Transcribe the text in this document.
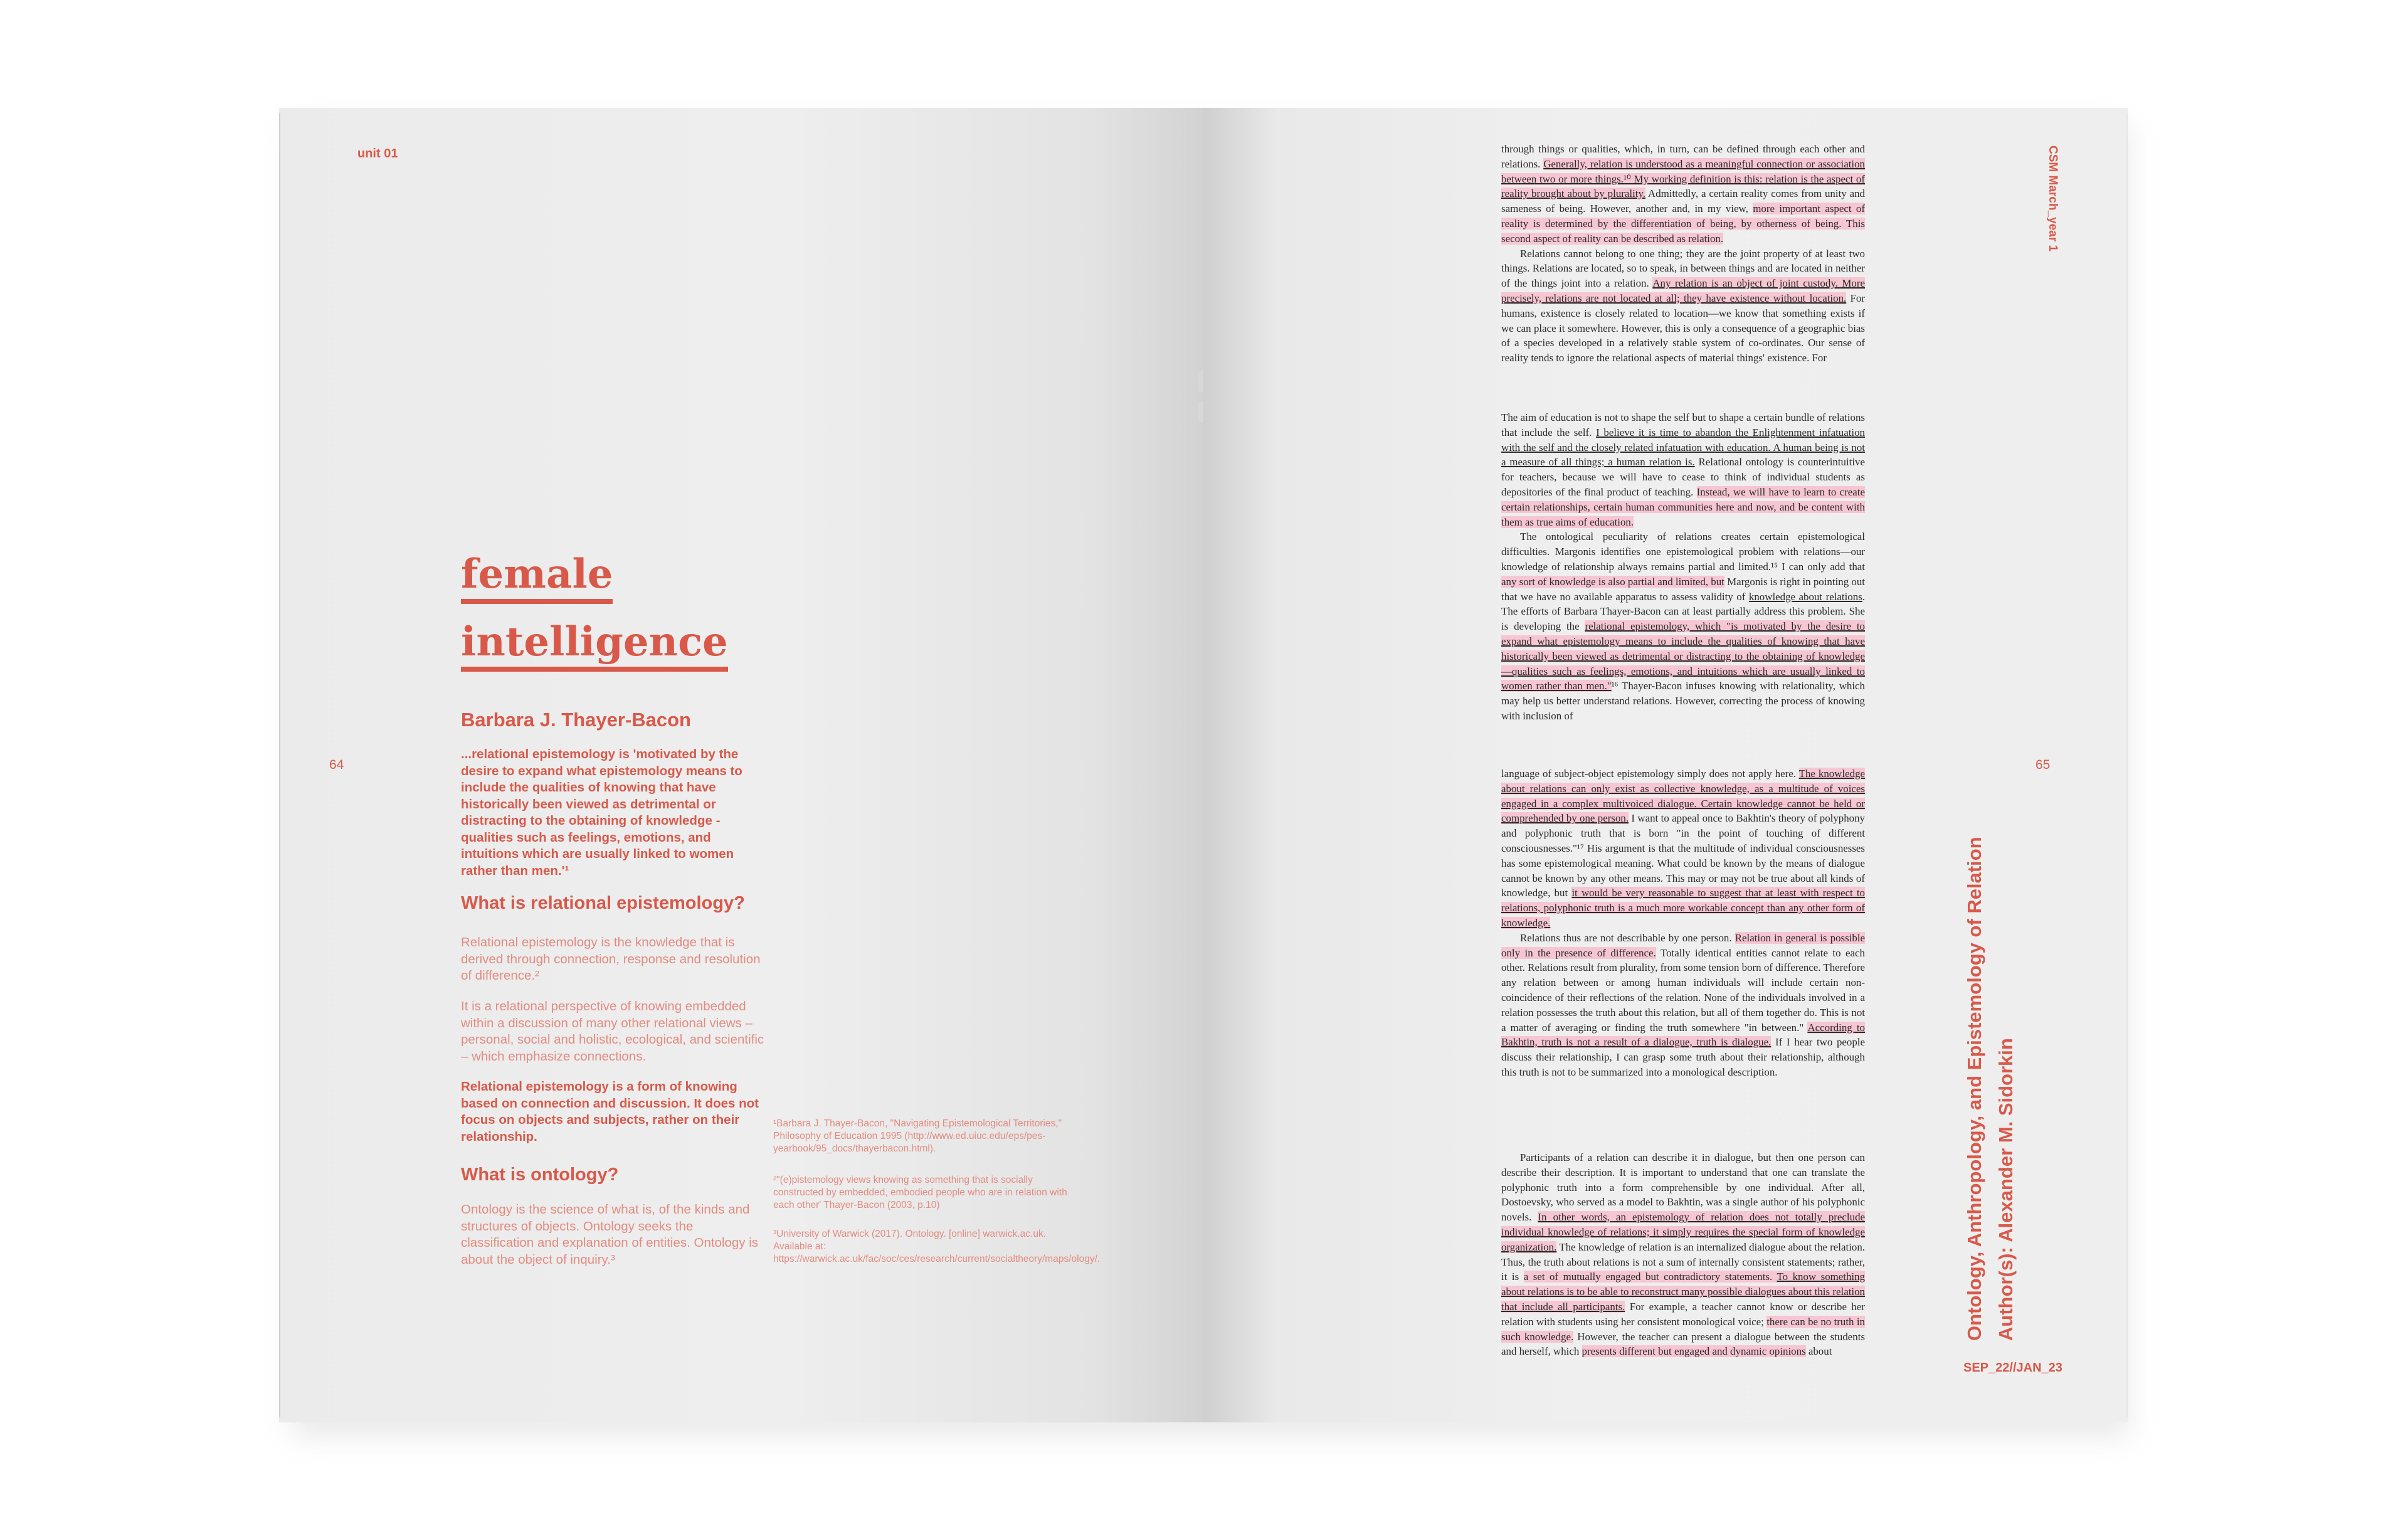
unit 01
64
female
intelligence
Barbara J. Thayer-Bacon
...relational epistemology is 'motivated by the desire to expand what epistemology means to include the qualities of knowing that have historically been viewed as detrimental or distracting to the obtaining of knowledge - qualities such as feelings, emotions, and intuitions which are usually linked to women rather than men.'¹
What is relational epistemology?
Relational epistemology is the knowledge that is derived through connection, response and resolution of difference.²
It is a relational perspective of knowing embedded within a discussion of many other relational views – personal, social and holistic, ecological, and scientific – which emphasize connections.
Relational epistemology is a form of knowing based on connection and discussion. It does not focus on objects and subjects, rather on their relationship.
What is ontology?
Ontology is the science of what is, of the kinds and structures of objects. Ontology seeks the classification and explanation of entities. Ontology is about the object of inquiry.³
¹Barbara J. Thayer-Bacon, "Navigating Epistemological Territories," Philosophy of Education 1995 (http://www.ed.uiuc.edu/eps/pes-yearbook/95_docs/thayerbacon.html).
²"(e)pistemology views knowing as something that is socially constructed by embedded, embodied people who are in relation with each other' Thayer-Bacon (2003, p.10)
³University of Warwick (2017). Ontology. [online] warwick.ac.uk. Available at: https://warwick.ac.uk/fac/soc/ces/research/current/socialtheory/maps/ology/.
CSM March_year 1
65
Ontology, Anthropology, and Epistemology of Relation Author(s): Alexander M. Sidorkin
SEP_22//JAN_23

through things or qualities, which, in turn, can be defined through each other and relations. Generally, relation is understood as a meaningful connection or association between two or more things.¹⁰ My working definition is this: relation is the aspect of reality brought about by plurality. Admittedly, a certain reality comes from unity and sameness of being. However, another and, in my view, more important aspect of reality is determined by the differentiation of being, by otherness of being. This second aspect of reality can be described as relation.

Relations cannot belong to one thing; they are the joint property of at least two things. Relations are located, so to speak, in between things and are located in neither of the things joint into a relation. Any relation is an object of joint custody. More precisely, relations are not located at all; they have existence without location. For humans, existence is closely related to location—we know that something exists if we can place it somewhere. However, this is only a consequence of a geographic bias of a species developed in a relatively stable system of co-ordinates. Our sense of reality tends to ignore the relational aspects of material things' existence. For

The aim of education is not to shape the self but to shape a certain bundle of relations that include the self. I believe it is time to abandon the Enlightenment infatuation with the self and the closely related infatuation with education. A human being is not a measure of all things; a human relation is. Relational ontology is counterintuitive for teachers, because we will have to cease to think of individual students as depositories of the final product of teaching. Instead, we will have to learn to create certain relationships, certain human communities here and now, and be content with them as true aims of education.

The ontological peculiarity of relations creates certain epistemological difficulties. Margonis identifies one epistemological problem with relations—our knowledge of relationship always remains partial and limited.¹⁵ I can only add that any sort of knowledge is also partial and limited, but Margonis is right in pointing out that we have no available apparatus to assess validity of knowledge about relations. The efforts of Barbara Thayer-Bacon can at least partially address this problem. She is developing the relational epistemology, which "is motivated by the desire to expand what epistemology means to include the qualities of knowing that have historically been viewed as detrimental or distracting to the obtaining of knowledge—qualities such as feelings, emotions, and intuitions which are usually linked to women rather than men."¹⁶ Thayer-Bacon infuses knowing with relationality, which may help us better understand relations. However, correcting the process of knowing with inclusion of

language of subject-object epistemology simply does not apply here. The knowledge about relations can only exist as collective knowledge, as a multitude of voices engaged in a complex multivoiced dialogue. Certain knowledge cannot be held or comprehended by one person. I want to appeal once to Bakhtin's theory of polyphony and polyphonic truth that is born "in the point of touching of different consciousnesses."¹⁷ His argument is that the multitude of individual consciousnesses has some epistemological meaning. What could be known by the means of dialogue cannot be known by any other means. This may or may not be true about all kinds of knowledge, but it would be very reasonable to suggest that at least with respect to relations, polyphonic truth is a much more workable concept than any other form of knowledge.

Relations thus are not describable by one person. Relation in general is possible only in the presence of difference. Totally identical entities cannot relate to each other. Relations result from plurality, from some tension born of difference. Therefore any relation between or among human individuals will include certain non-coincidence of their reflections of the relation. None of the individuals involved in a relation possesses the truth about this relation, but all of them together do. This is not a matter of averaging or finding the truth somewhere "in between." According to Bakhtin, truth is not a result of a dialogue, truth is dialogue. If I hear two people discuss their relationship, I can grasp some truth about their relationship, although this truth is not to be summarized into a monological description.

Participants of a relation can describe it in dialogue, but then one person can describe their description. It is important to understand that one can translate the polyphonic truth into a form comprehensible by one individual. After all, Dostoevsky, who served as a model to Bakhtin, was a single author of his polyphonic novels. In other words, an epistemology of relation does not totally preclude individual knowledge of relations; it simply requires the special form of knowledge organization. The knowledge of relation is an internalized dialogue about the relation. Thus, the truth about relations is not a sum of internally consistent statements; rather, it is a set of mutually engaged but contradictory statements. To know something about relations is to be able to reconstruct many possible dialogues about this relation that include all participants. For example, a teacher cannot know or describe her relation with students using her consistent monological voice; there can be no truth in such knowledge. However, the teacher can present a dialogue between the students and herself, which presents different but engaged and dynamic opinions about
